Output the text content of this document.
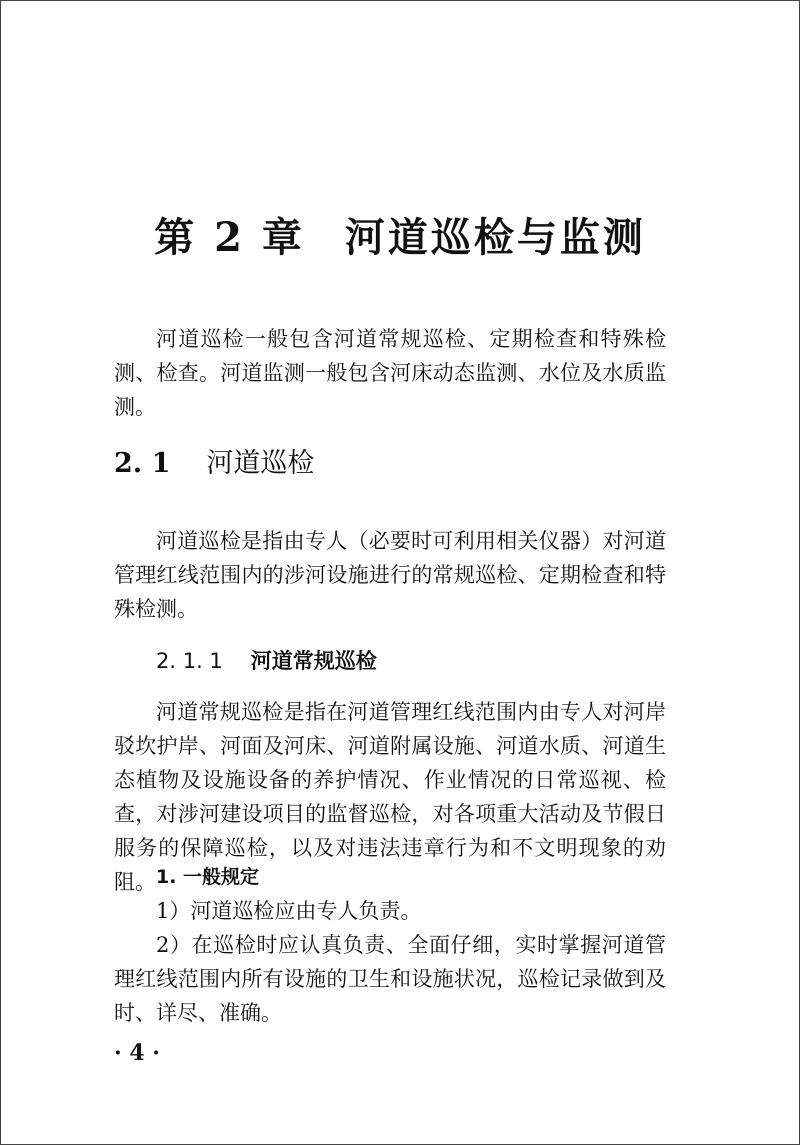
第 2 章 河道巡检与监测

河道巡检一般包含河道常规巡检、定期检查和特殊检测、检查。河道监测一般包含河床动态监测、水位及水质监测。

2. 1 河道巡检

河道巡检是指由专人（必要时可利用相关仪器）对河道管理红线范围内的涉河设施进行的常规巡检、定期检查和特殊检测。

2. 1. 1 河道常规巡检

河道常规巡检是指在河道管理红线范围内由专人对河岸驳坎护岸、河面及河床、河道附属设施、河道水质、河道生态植物及设施设备的养护情况、作业情况的日常巡视、检查，对涉河建设项目的监督巡检，对各项重大活动及节假日服务的保障巡检，以及对违法违章行为和不文明现象的劝阻。 1. 一般规定

1）河道巡检应由专人负责。

2）在巡检时应认真负责、全面仔细，实时掌握河道管理红线范围内所有设施的卫生和设施状况，巡检记录做到及时、详尽、准确。

· 4 ·
